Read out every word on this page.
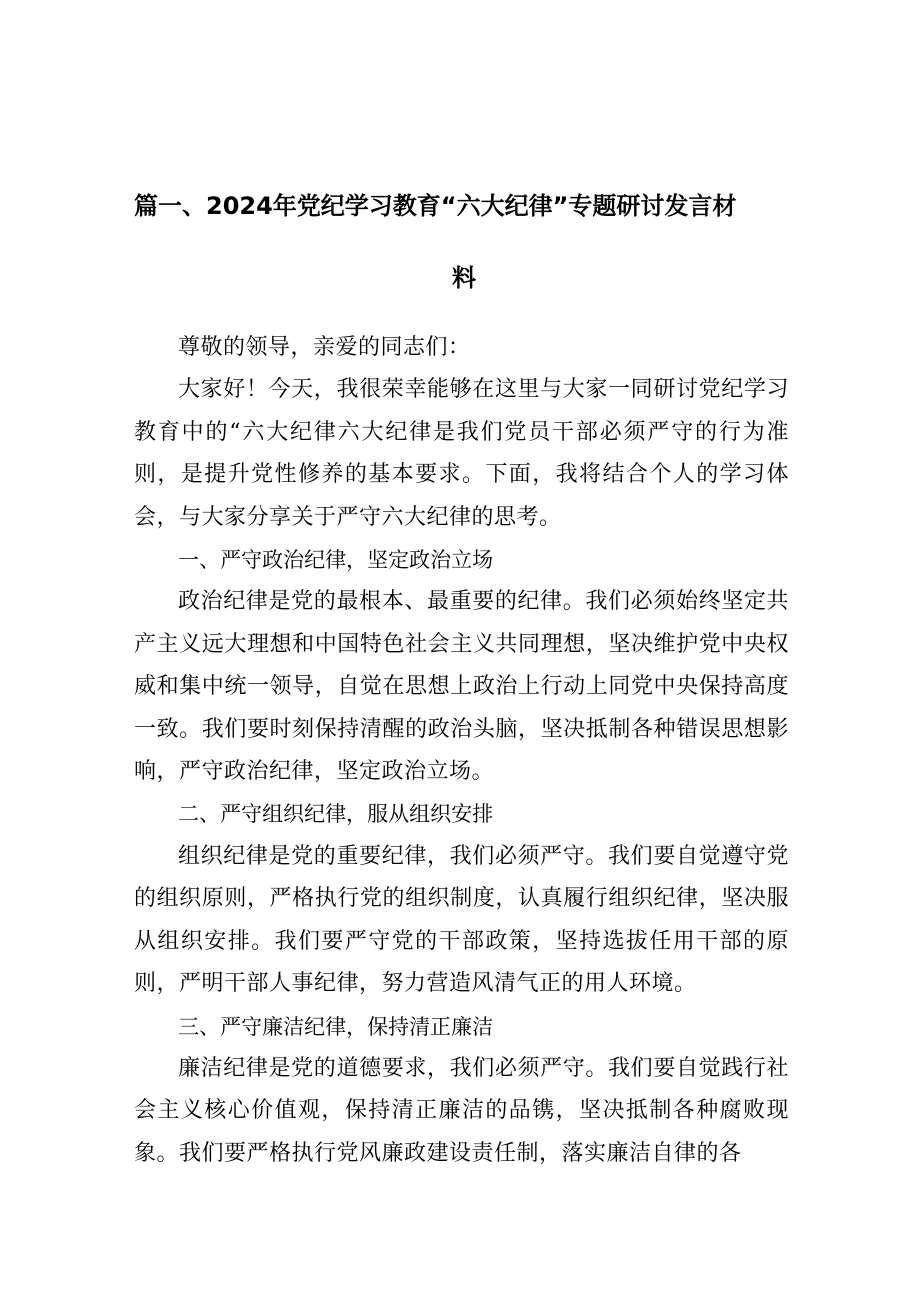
篇一、2024年党纪学习教育“六大纪律”专题研讨发言材
料

尊敬的领导，亲爱的同志们：

大家好！今天，我很荣幸能够在这里与大家一同研讨党纪学习教育中的“六大纪律六大纪律是我们党员干部必须严守的行为准则，是提升党性修养的基本要求。下面，我将结合个人的学习体会，与大家分享关于严守六大纪律的思考。

一、严守政治纪律，坚定政治立场

政治纪律是党的最根本、最重要的纪律。我们必须始终坚定共产主义远大理想和中国特色社会主义共同理想，坚决维护党中央权威和集中统一领导，自觉在思想上政治上行动上同党中央保持高度一致。我们要时刻保持清醒的政治头脑，坚决抵制各种错误思想影响，严守政治纪律，坚定政治立场。

二、严守组织纪律，服从组织安排

组织纪律是党的重要纪律，我们必须严守。我们要自觉遵守党的组织原则，严格执行党的组织制度，认真履行组织纪律，坚决服从组织安排。我们要严守党的干部政策，坚持选拔任用干部的原则，严明干部人事纪律，努力营造风清气正的用人环境。

三、严守廉洁纪律，保持清正廉洁

廉洁纪律是党的道德要求，我们必须严守。我们要自觉践行社会主义核心价值观，保持清正廉洁的品镌，坚决抵制各种腐败现象。我们要严格执行党风廉政建设责任制，落实廉洁自律的各
